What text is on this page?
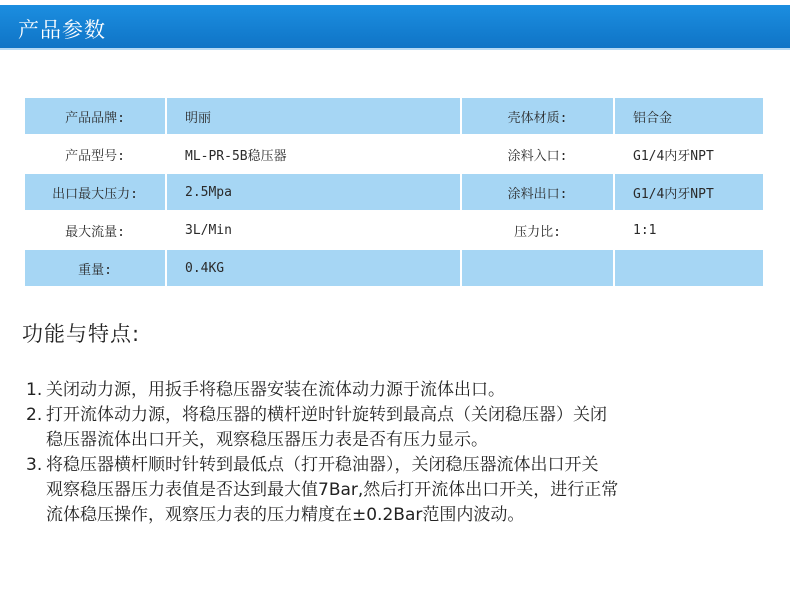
产品参数
产品品牌:	明丽	壳体材质:	铝合金
产品型号:	ML-PR-5B稳压器	涂料入口:	G1/4内牙NPT
出口最大压力:	2.5Mpa	涂料出口:	G1/4内牙NPT
最大流量:	3L/Min	压力比:	1:1
重量:	0.4KG		
功能与特点:
1. 关闭动力源，用扳手将稳压器安装在流体动力源于流体出口。
2. 打开流体动力源，将稳压器的横杆逆时针旋转到最高点（关闭稳压器）关闭
稳压器流体出口开关，观察稳压器压力表是否有压力显示。
3. 将稳压器横杆顺时针转到最低点（打开稳油器），关闭稳压器流体出口开关
观察稳压器压力表值是否达到最大值7Bar,然后打开流体出口开关，进行正常
流体稳压操作，观察压力表的压力精度在±0.2Bar范围内波动。
